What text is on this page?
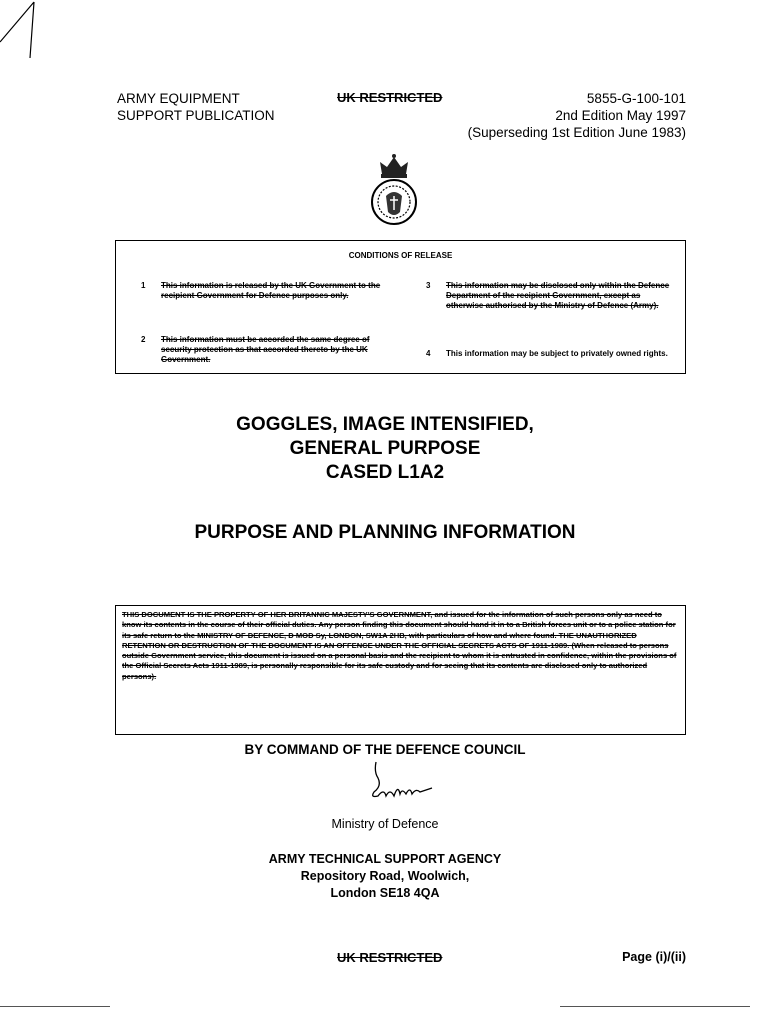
ARMY EQUIPMENT
SUPPORT PUBLICATION
UK RESTRICTED	5855-G-100-101
2nd Edition May 1997
(Superseding 1st Edition June 1983)
CONDITIONS OF RELEASE
1 This information is released by the UK Government to the recipient Government for Defence purposes only.
2 This information must be accorded the same degree of security protection as that accorded thereto by the UK Government.
3 This information may be disclosed only within the Defence Department of the recipient Government, except as otherwise authorised by the Ministry of Defence (Army).
4 This information may be subject to privately owned rights.
GOGGLES, IMAGE INTENSIFIED,
GENERAL PURPOSE
CASED L1A2
PURPOSE AND PLANNING INFORMATION
THIS DOCUMENT IS THE PROPERTY OF HER BRITANNIC MAJESTY'S GOVERNMENT, and issued for the information of such persons only as need to know its contents in the course of their official duties. Any person finding this document should hand it in to a British forces unit or to a police station for its safe return to the MINISTRY OF DEFENCE, D MOD Sy, LONDON, SW1A 2HB, with particulars of how and where found. THE UNAUTHORIZED RETENTION OR DESTRUCTION OF THE DOCUMENT IS AN OFFENCE UNDER THE OFFICIAL SECRETS ACTS OF 1911-1989. (When released to persons outside Government service, this document is issued on a personal basis and the recipient to whom it is entrusted in confidence, within the provisions of the Official Secrets Acts 1911-1989, is personally responsible for its safe custody and for seeing that its contents are disclosed only to authorized persons).
BY COMMAND OF THE DEFENCE COUNCIL
Ministry of Defence
ARMY TECHNICAL SUPPORT AGENCY
Repository Road, Woolwich,
London SE18 4QA
UK RESTRICTED	Page (i)/(ii)
